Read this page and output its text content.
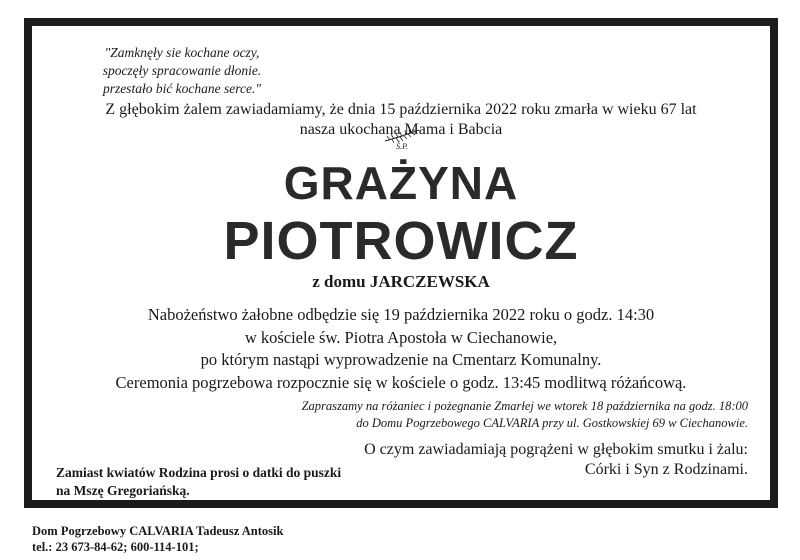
"Zamknęły sie kochane oczy,
spoczęły spracowanie dłonie.
przestało bić kochane serce."
Z głębokim żalem zawiadamiamy, że dnia 15 października 2022 roku zmarła w wieku 67 lat
nasza ukochana Mama i Babcia
Ś.P.
GRAŻYNA
PIOTROWICZ
z domu JARCZEWSKA
Nabożeństwo żałobne odbędzie się 19 października 2022 roku o godz. 14:30
w kościele św. Piotra Apostoła w Ciechanowie,
po którym nastąpi wyprowadzenie na Cmentarz Komunalny.
Ceremonia pogrzebowa rozpocznie się w kościele o godz. 13:45 modlitwą różańcową.
Zapraszamy na różaniec i pożegnanie Zmarłej we wtorek 18 października na godz. 18:00
do Domu Pogrzebowego CALVARIA przy ul. Gostkowskiej 69 w Ciechanowie.
O czym zawiadamiają pogrążeni w głębokim smutku i żalu:
Córki i Syn z Rodzinami.
Zamiast kwiatów Rodzina prosi o datki do puszki
na Mszę Gregoriańską.
Dom Pogrzebowy CALVARIA Tadeusz Antosik
tel.: 23 673-84-62; 600-114-101;
